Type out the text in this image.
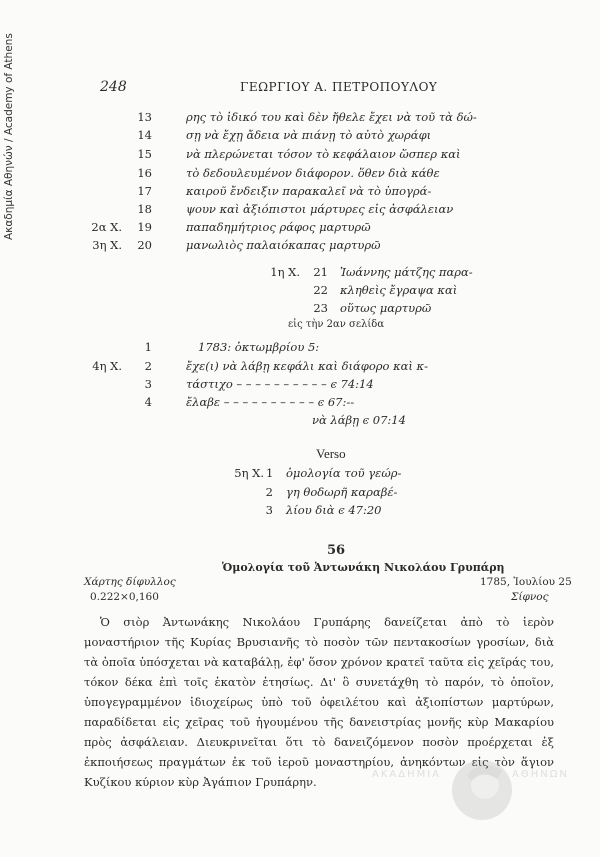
Ακαδημία Αθηνών / Academy of Athens	248	ΓΕΩΡΓΙΟΥ Α. ΠΕΤΡΟΠΟΥΛΟΥ
13	ρης τὸ ἰδικό του καὶ δὲν ἤθελε ἔχει νὰ τοῦ τὰ δώ-
14	σῃ νὰ ἔχῃ ἄδεια νὰ πιάνῃ τὸ αὐτὸ χωράφι
15	νὰ πλερώνεται τόσον τὸ κεφάλαιον ὥσπερ καὶ
16	τὸ δεδουλευμένον διάφορον. ὅθεν διὰ κάθε
17	καιροῦ ἔνδειξιν παρακαλεῖ νὰ τὸ ὑπογρά-
18	ψουν καὶ ἀξιόπιστοι μάρτυρες εἰς ἀσφάλειαν
2α Χ.	19	παπαδημήτριος ράφος μαρτυρῶ
3η Χ.	20	μανωλιὸς παλαιόκαπας μαρτυρῶ
1η Χ.	21 Ἰωάννης μάτζης παρα-
22 κληθεὶς ἔγραψα καὶ
23 οὕτως μαρτυρῶ
εἰς τὴν 2αν σελίδα
1	1783: ὀκτωμβρίου 5:
4η Χ.	2	ἔχε(ι) νὰ λάβῃ κεφάλι καὶ διάφορο καὶ κ-
3	τάστιχο – – – – – – – – – – ͼ 74:14
4	ἔλαβε – – – – – – – – – – ͼ 67:--
νὰ λάβῃ ͼ 07:14
Verso
5η Χ. 1 ὁμολογία τοῦ γεώρ-
2 γη θοδωρῆ καραβέ-
3 λίου διὰ ͼ 47:20
56
Ὁμολογία τοῦ Ἀντωνάκη Νικολάου Γρυπάρη
Χάρτης δίφυλλος
0.222×0,160
1785, Ἰουλίου 25
Σίφνος

Ὁ σιὸρ Ἀντωνάκης Νικολάου Γρυπάρης δανείζεται ἀπὸ τὸ ἱερὸν μοναστήριον τῆς Κυρίας Βρυσιανῆς τὸ ποσὸν τῶν πεντακοσίων γροσίων, διὰ τὰ ὁποῖα ὑπόσχεται νὰ καταβάλῃ, ἐφ' ὅσον χρόνον κρατεῖ ταῦτα εἰς χεῖράς του, τόκον δέκα ἐπὶ τοῖς ἑκατὸν ἐτησίως. Δι' ὃ συνετάχθη τὸ παρόν, τὸ ὁποῖον, ὑπογεγραμμένον ἰδιοχείρως ὑπὸ τοῦ ὀφειλέτου καὶ ἀξιοπίστων μαρτύρων, παραδίδεται εἰς χεῖρας τοῦ ἡγουμένου τῆς δανειστρίας μονῆς κὺρ Μακαρίου πρὸς ἀσφάλειαν. Διευκρινεῖται ὅτι τὸ δανειζόμενον ποσὸν προέρχεται ἐξ ἐκποιήσεως πραγμάτων ἐκ τοῦ ἱεροῦ μοναστηρίου, ἀνηκόντων εἰς τὸν ἅγιον Κυζίκου κύριον κὺρ Ἀγάπιον Γρυπάρην.

ΑΚΑΔΗΜΙΑ	ΑΘΗΝΩΝ
